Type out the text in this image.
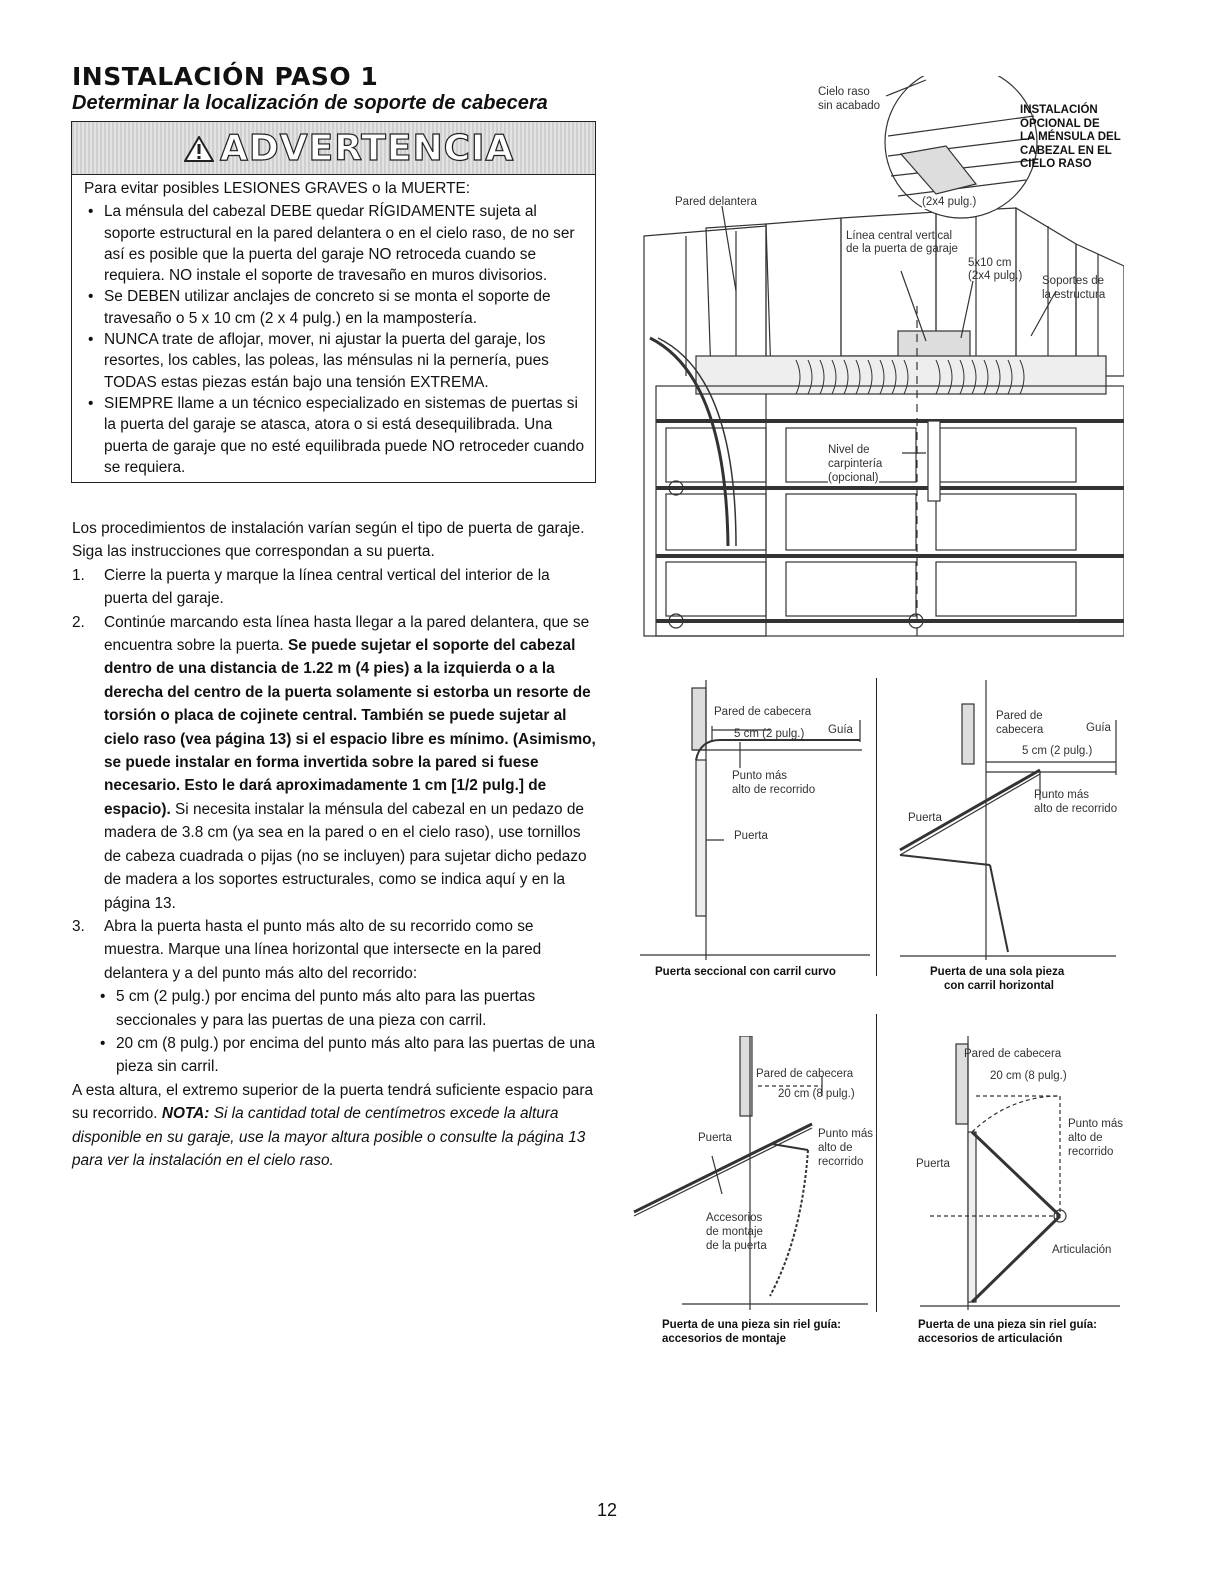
INSTALACIÓN PASO 1
Determinar la localización de soporte de cabecera
ADVERTENCIA
Para evitar posibles LESIONES GRAVES o la MUERTE:
• La ménsula del cabezal DEBE quedar RÍGIDAMENTE sujeta al soporte estructural en la pared delantera o en el cielo raso, de no ser así es posible que la puerta del garaje NO retroceda cuando se requiera. NO instale el soporte de travesaño en muros divisorios.
• Se DEBEN utilizar anclajes de concreto si se monta el soporte de travesaño o 5 x 10 cm (2 x 4 pulg.) en la mampostería.
• NUNCA trate de aflojar, mover, ni ajustar la puerta del garaje, los resortes, los cables, las poleas, las ménsulas ni la pernería, pues TODAS estas piezas están bajo una tensión EXTREMA.
• SIEMPRE llame a un técnico especializado en sistemas de puertas si la puerta del garaje se atasca, atora o si está desequilibrada. Una puerta de garaje que no esté equilibrada puede NO retroceder cuando se requiera.
Los procedimientos de instalación varían según el tipo de puerta de garaje. Siga las instrucciones que correspondan a su puerta.
1. Cierre la puerta y marque la línea central vertical del interior de la puerta del garaje.
2. Continúe marcando esta línea hasta llegar a la pared delantera, que se encuentra sobre la puerta. Se puede sujetar el soporte del cabezal dentro de una distancia de 1.22 m (4 pies) a la izquierda o a la derecha del centro de la puerta solamente si estorba un resorte de torsión o placa de cojinete central. También se puede sujetar al cielo raso (vea página 13) si el espacio libre es mínimo. (Asimismo, se puede instalar en forma invertida sobre la pared si fuese necesario. Esto le dará aproximadamente 1 cm [1/2 pulg.] de espacio). Si necesita instalar la ménsula del cabezal en un pedazo de madera de 3.8 cm (ya sea en la pared o en el cielo raso), use tornillos de cabeza cuadrada o pijas (no se incluyen) para sujetar dicho pedazo de madera a los soportes estructurales, como se indica aquí y en la página 13.
3. Abra la puerta hasta el punto más alto de su recorrido como se muestra. Marque una línea horizontal que intersecte en la pared delantera y a del punto más alto del recorrido:
• 5 cm (2 pulg.) por encima del punto más alto para las puertas seccionales y para las puertas de una pieza con carril.
• 20 cm (8 pulg.) por encima del punto más alto para las puertas de una pieza sin carril.
A esta altura, el extremo superior de la puerta tendrá suficiente espacio para su recorrido. NOTA: Si la cantidad total de centímetros excede la altura disponible en su garaje, use la mayor altura posible o consulte la página 13 para ver la instalación en el cielo raso.
Cielo raso
sin acabado	INSTALACIÓN
OPCIONAL DE
LA MÉNSULA DEL
CABEZAL EN EL
CIELO RASO
Pared delantera	(2x4 pulg.)
Línea central vertical
de la puerta de garaje
5x10 cm
(2x4 pulg.) Soportes de
la estructura
Nivel de
carpintería
(opcional)
Pared de cabecera
5 cm (2 pulg.) Guía
Punto más
alto de recorrido
Puerta
Puerta seccional con carril curvo
Pared de
cabecera	Guía
5 cm (2 pulg.)
Punto más
alto de recorrido
Puerta
Puerta de una sola pieza
con carril horizontal
Pared de cabecera
20 cm (8 pulg.)
Puerta	Punto más
alto de
recorrido
Accesorios
de montaje
de la puerta
Puerta de una pieza sin riel guía:
accesorios de montaje
Pared de cabecera
20 cm (8 pulg.)
Punto más
alto de
recorrido
Puerta
Articulación
Puerta de una pieza sin riel guía:
accesorios de articulación
12
